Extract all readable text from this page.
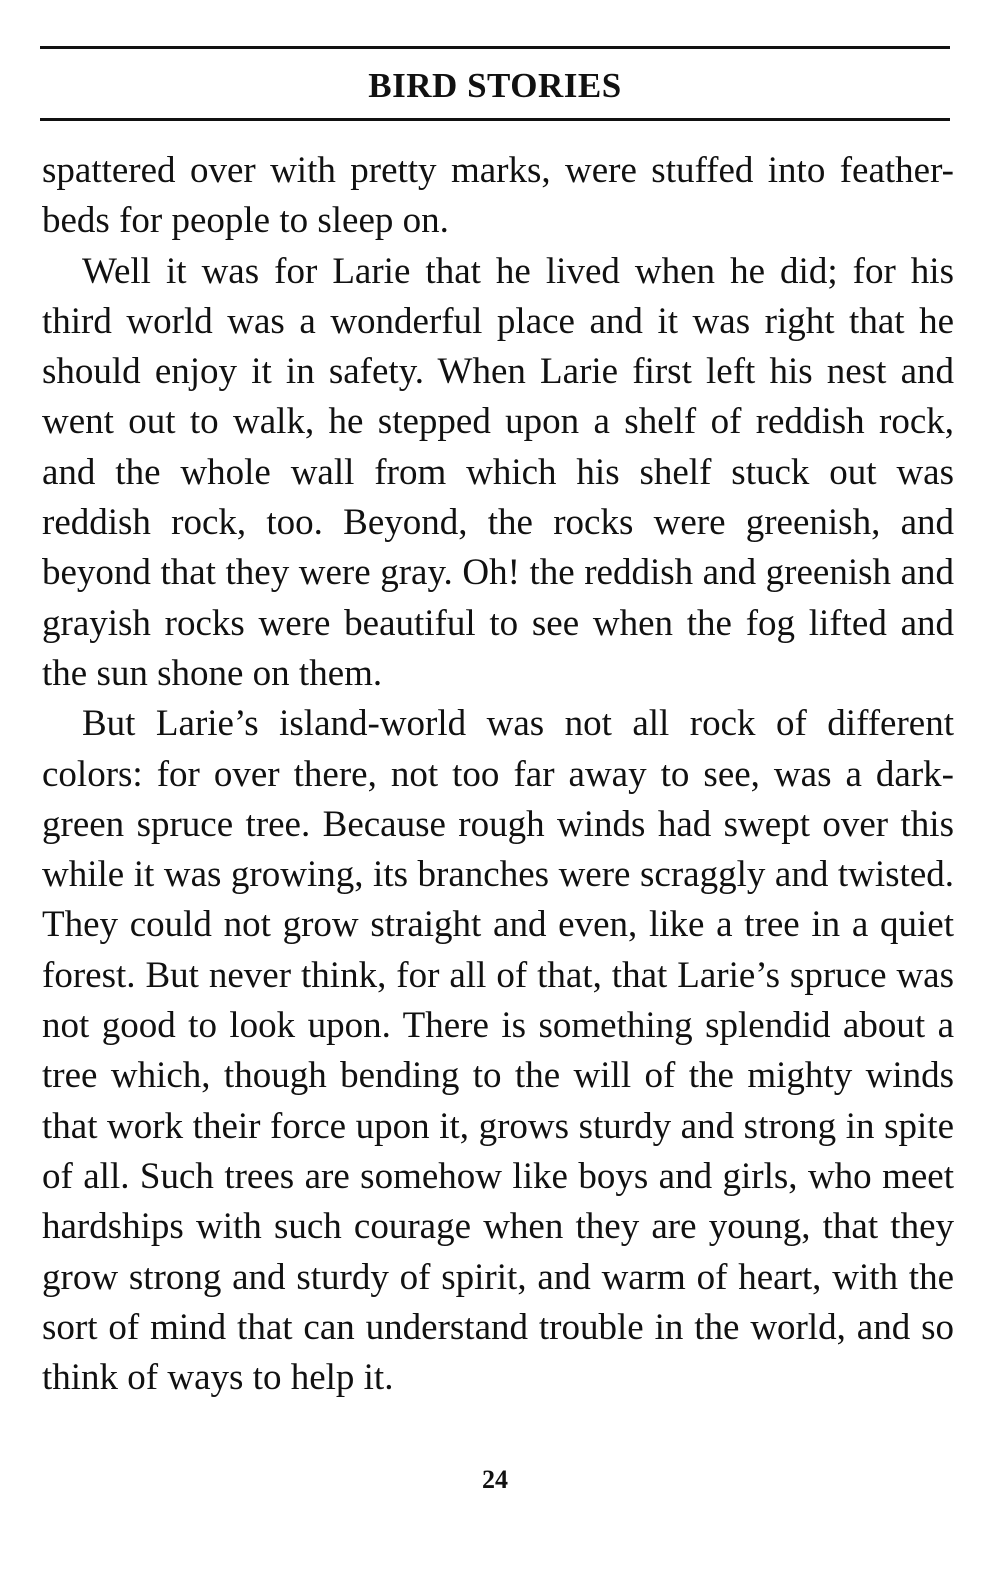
BIRD STORIES

spattered over with pretty marks, were stuffed into feather-beds for people to sleep on.

Well it was for Larie that he lived when he did; for his third world was a wonderful place and it was right that he should enjoy it in safety. When Larie first left his nest and went out to walk, he stepped upon a shelf of reddish rock, and the whole wall from which his shelf stuck out was reddish rock, too. Beyond, the rocks were greenish, and beyond that they were gray. Oh! the reddish and greenish and grayish rocks were beautiful to see when the fog lifted and the sun shone on them.

But Larie’s island-world was not all rock of different colors: for over there, not too far away to see, was a dark-green spruce tree. Because rough winds had swept over this while it was growing, its branches were scraggly and twisted. They could not grow straight and even, like a tree in a quiet forest. But never think, for all of that, that Larie’s spruce was not good to look upon. There is something splendid about a tree which, though bending to the will of the mighty winds that work their force upon it, grows sturdy and strong in spite of all. Such trees are somehow like boys and girls, who meet hardships with such courage when they are young, that they grow strong and sturdy of spirit, and warm of heart, with the sort of mind that can understand trouble in the world, and so think of ways to help it.

24
